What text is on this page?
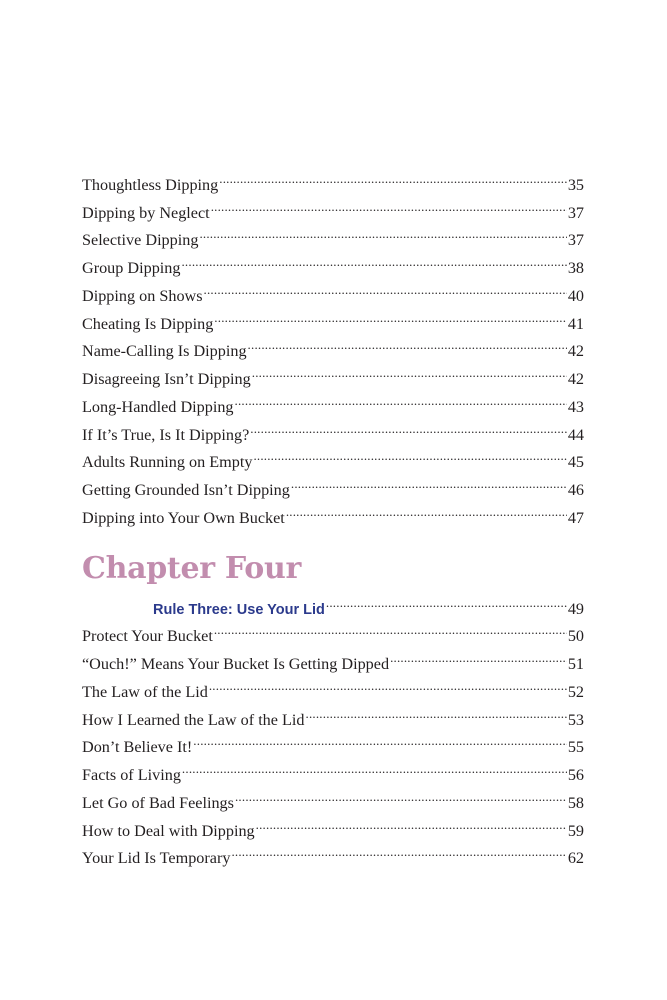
Thoughtless Dipping .....	35
Dipping by Neglect .....	37
Selective Dipping .....	37
Group Dipping .....	38
Dipping on Shows .....	40
Cheating Is Dipping .....	41
Name-Calling Is Dipping .....	42
Disagreeing Isn’t Dipping .....	42
Long-Handled Dipping .....	43
If It’s True, Is It Dipping? .....	44
Adults Running on Empty .....	45
Getting Grounded Isn’t Dipping .....	46
Dipping into Your Own Bucket .....	47
Chapter Four
Rule Three: Use Your Lid .....	49
Protect Your Bucket .....	50
“Ouch!” Means Your Bucket Is Getting Dipped .....	51
The Law of the Lid .....	52
How I Learned the Law of the Lid .....	53
Don’t Believe It! .....	55
Facts of Living .....	56
Let Go of Bad Feelings .....	58
How to Deal with Dipping .....	59
Your Lid Is Temporary .....	62
